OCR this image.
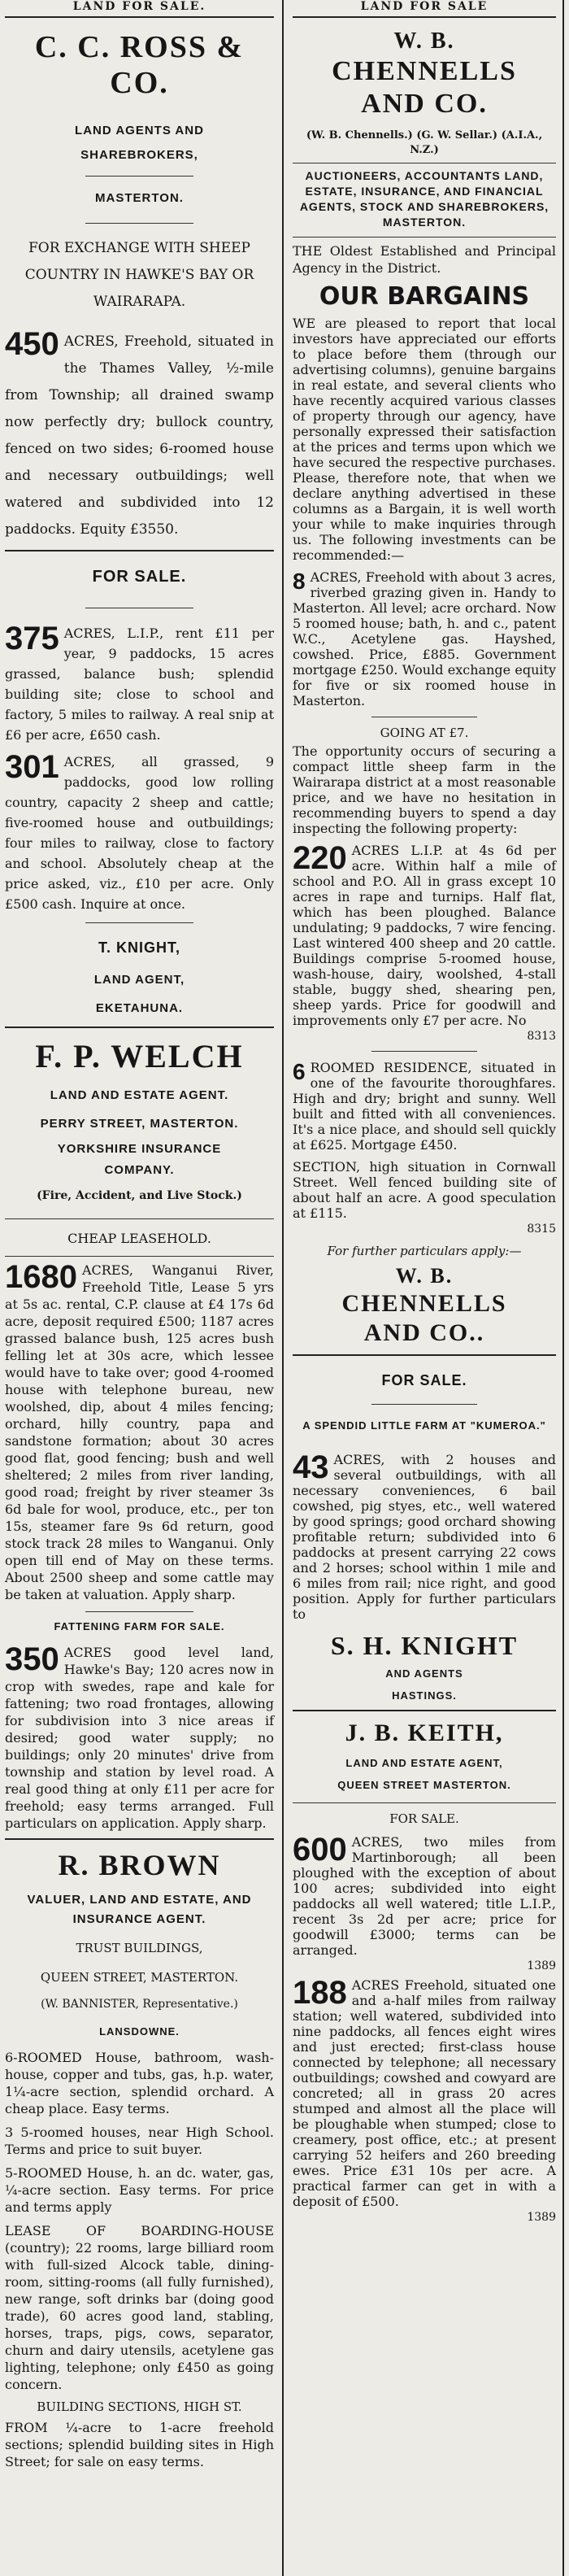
LAND FOR SALE.
C. C. ROSS & CO.
LAND AGENTS AND SHAREBROKERS,
MASTERTON.
FOR EXCHANGE WITH SHEEP COUNTRY IN HAWKE'S BAY OR WAIRARAPA.

450 ACRES, Freehold, situated in the Thames Valley, ½-mile from Township; all drained swamp now perfectly dry; bullock country, fenced on two sides; 6-roomed house and necessary outbuildings; well watered and subdivided into 12 paddocks. Equity £3550.

FOR SALE.

375 ACRES, L.I.P., rent £11 per year, 9 paddocks, 15 acres grassed, balance bush; splendid building site; close to school and factory, 5 miles to railway. A real snip at £6 per acre, £650 cash.

301 ACRES, all grassed, 9 paddocks, good low rolling country, capacity 2 sheep and cattle; five-roomed house and outbuildings; four miles to railway, close to factory and school. Absolutely cheap at the price asked, viz., £10 per acre. Only £500 cash. Inquire at once.

T. KNIGHT,
LAND AGENT,
EKETAHUNA.
F. P. WELCH
LAND AND ESTATE AGENT.
PERRY STREET, MASTERTON.
YORKSHIRE INSURANCE COMPANY.
(Fire, Accident, and Live Stock.)
CHEAP LEASEHOLD.

1680 ACRES, Wanganui River, Freehold Title, Lease 5 yrs at 5s ac. rental, C.P. clause at £4 17s 6d acre, deposit required £500; 1187 acres grassed balance bush, 125 acres bush felling let at 30s acre, which lessee would have to take over; good 4-roomed house with telephone bureau, new woolshed, dip, about 4 miles fencing; orchard, hilly country, papa and sandstone formation; about 30 acres good flat, good fencing; bush and well sheltered; 2 miles from river landing, good road; freight by river steamer 3s 6d bale for wool, produce, etc., per ton 15s, steamer fare 9s 6d return, good stock track 28 miles to Wanganui. Only open till end of May on these terms. About 2500 sheep and some cattle may be taken at valuation. Apply sharp.

FATTENING FARM FOR SALE.

350 ACRES good level land, Hawke's Bay; 120 acres now in crop with swedes, rape and kale for fattening; two road frontages, allowing for subdivision into 3 nice areas if desired; good water supply; no buildings; only 20 minutes' drive from township and station by level road. A real good thing at only £11 per acre for freehold; easy terms arranged. Full particulars on application. Apply sharp.

R. BROWN
VALUER, LAND AND ESTATE, AND INSURANCE AGENT.
TRUST BUILDINGS,
QUEEN STREET, MASTERTON.
(W. BANNISTER, Representative.)
LANSDOWNE.

6-ROOMED House, bathroom, wash-house, copper and tubs, gas, h.p. water, 1¼-acre section, splendid orchard. A cheap place. Easy terms.

3 5-roomed houses, near High School. Terms and price to suit buyer.

5-ROOMED House, h. an dc. water, gas, ¼-acre section. Easy terms. For price and terms apply

LEASE OF BOARDING-HOUSE (country); 22 rooms, large billiard room with full-sized Alcock table, dining-room, sitting-rooms (all fully furnished), new range, soft drinks bar (doing good trade), 60 acres good land, stabling, horses, traps, pigs, cows, separator, churn and dairy utensils, acetylene gas lighting, telephone; only £450 as going concern.

BUILDING SECTIONS, HIGH ST.

FROM ¼-acre to 1-acre freehold sections; splendid building sites in High Street; for sale on easy terms.

LAND FOR SALE
W. B.
CHENNELLS
AND CO.
(W. B. Chennells.) (G. W. Sellar.) (A.I.A., N.Z.)
AUCTIONEERS, ACCOUNTANTS LAND, ESTATE, INSURANCE, AND FINANCIAL AGENTS, STOCK AND SHAREBROKERS, MASTERTON.

THE Oldest Established and Principal Agency in the District.

OUR BARGAINS

WE are pleased to report that local investors have appreciated our efforts to place before them (through our advertising columns), genuine bargains in real estate, and several clients who have recently acquired various classes of property through our agency, have personally expressed their satisfaction at the prices and terms upon which we have secured the respective purchases. Please, therefore note, that when we declare anything advertised in these columns as a Bargain, it is well worth your while to make inquiries through us. The following investments can be recommended:—

8 ACRES, Freehold with about 3 acres, riverbed grazing given in. Handy to Masterton. All level; acre orchard. Now 5 roomed house; bath, h. and c., patent W.C., Acetylene gas. Hayshed, cowshed. Price, £885. Government mortgage £250. Would exchange equity for five or six roomed house in Masterton.

GOING AT £7.

The opportunity occurs of securing a compact little sheep farm in the Wairarapa district at a most reasonable price, and we have no hesitation in recommending buyers to spend a day inspecting the following property:

220 ACRES L.I.P. at 4s 6d per acre. Within half a mile of school and P.O. All in grass except 10 acres in rape and turnips. Half flat, which has been ploughed. Balance undulating; 9 paddocks, 7 wire fencing. Last wintered 400 sheep and 20 cattle. Buildings comprise 5-roomed house, wash-house, dairy, woolshed, 4-stall stable, buggy shed, shearing pen, sheep yards. Price for goodwill and improvements only £7 per acre. No

8313

6 ROOMED RESIDENCE, situated in one of the favourite thoroughfares. High and dry; bright and sunny. Well built and fitted with all conveniences. It's a nice place, and should sell quickly at £625. Mortgage £450.

SECTION, high situation in Cornwall Street. Well fenced building site of about half an acre. A good speculation at £115.

8315
For further particulars apply:—
W. B.
CHENNELLS
AND CO..
FOR SALE.
A SPENDID LITTLE FARM AT "KUMEROA."

43 ACRES, with 2 houses and several outbuildings, with all necessary conveniences, 6 bail cowshed, pig styes, etc., well watered by good springs; good orchard showing profitable return; subdivided into 6 paddocks at present carrying 22 cows and 2 horses; school within 1 mile and 6 miles from rail; nice right, and good position. Apply for further particulars to

S. H. KNIGHT
AND AGENTS
HASTINGS.
J. B. KEITH,
LAND AND ESTATE AGENT,
QUEEN STREET MASTERTON.
FOR SALE.

600 ACRES, two miles from Martinborough; all been ploughed with the exception of about 100 acres; subdivided into eight paddocks all well watered; title L.I.P., recent 3s 2d per acre; price for goodwill £3000; terms can be arranged.

1389

188 ACRES Freehold, situated one and a-half miles from railway station; well watered, subdivided into nine paddocks, all fences eight wires and just erected; first-class house connected by telephone; all necessary outbuildings; cowshed and cowyard are concreted; all in grass 20 acres stumped and almost all the place will be ploughable when stumped; close to creamery, post office, etc.; at present carrying 52 heifers and 260 breeding ewes. Price £31 10s per acre. A practical farmer can get in with a deposit of £500.

1389
